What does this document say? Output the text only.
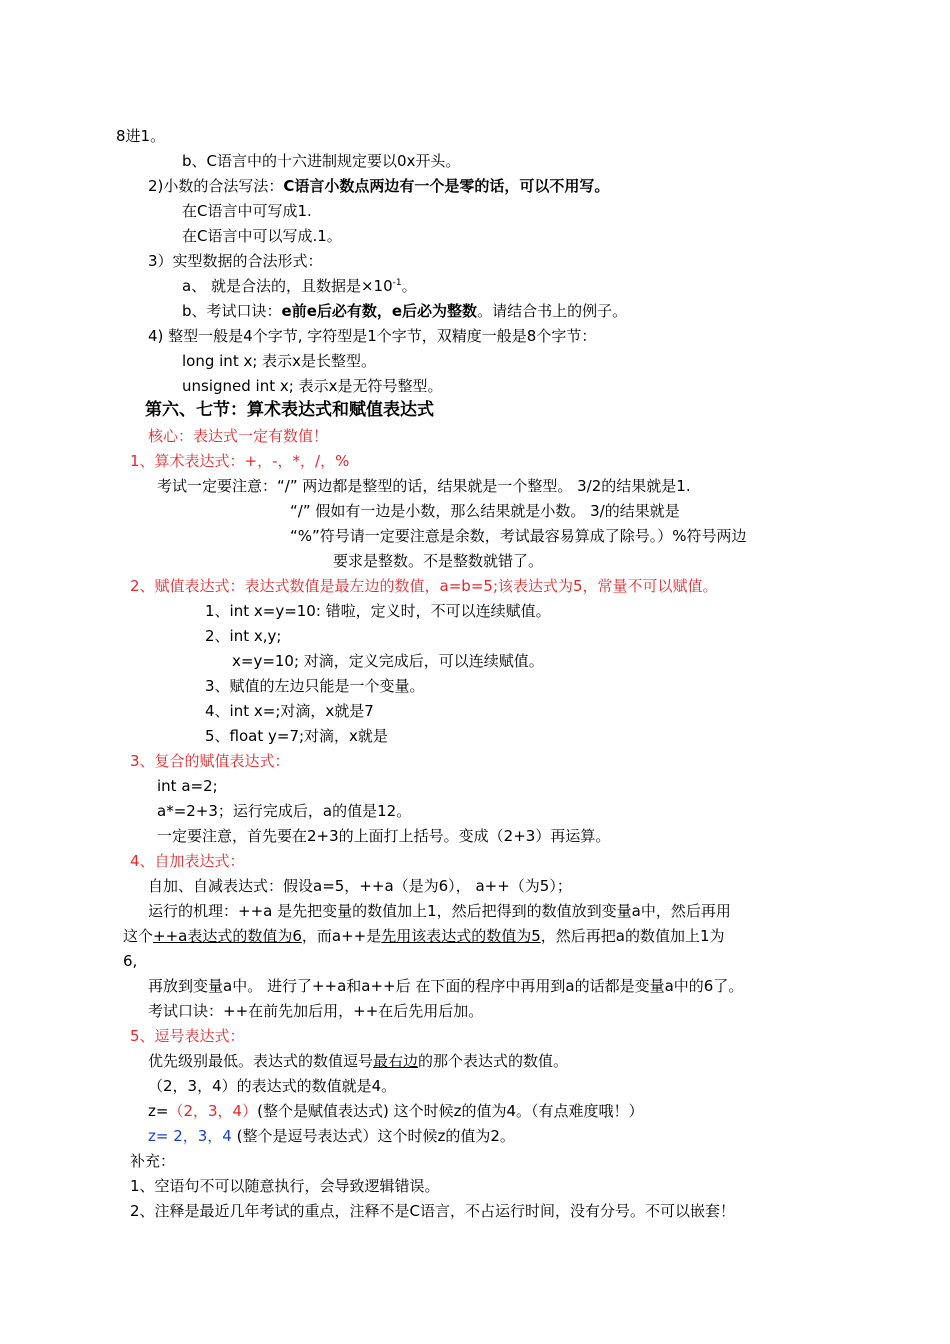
8进1。
b、C语言中的十六进制规定要以0x开头。
2)小数的合法写法：C语言小数点两边有一个是零的话，可以不用写。
在C语言中可写成1.
在C语言中可以写成.1。
3）实型数据的合法形式：
a、 就是合法的，且数据是$\times 10^{-1}$。
b、考试口诀：e前e后必有数，e后必为整数。请结合书上的例子。
4) 整型一般是4个字节, 字符型是1个字节，双精度一般是8个字节：
long int x; 表示x是长整型。
unsigned int x; 表示x是无符号整型。
第六、七节：算术表达式和赋值表达式
核心：表达式一定有数值！
1、算术表达式：+，-，*，/，%
考试一定要注意：“/” 两边都是整型的话，结果就是一个整型。 3/2的结果就是1.
“/” 假如有一边是小数，那么结果就是小数。 3/的结果就是
“%”符号请一定要注意是余数，考试最容易算成了除号。）%符号两边
要求是整数。不是整数就错了。
2、赋值表达式：表达式数值是最左边的数值，a=b=5;该表达式为5，常量不可以赋值。
1、int x=y=10: 错啦，定义时，不可以连续赋值。
2、int x,y;
x=y=10; 对滴，定义完成后，可以连续赋值。
3、赋值的左边只能是一个变量。
4、int x=;对滴，x就是7
5、float y=7;对滴，x就是
3、复合的赋值表达式：
int a=2;
a*=2+3；运行完成后，a的值是12。
一定要注意，首先要在2+3的上面打上括号。变成（2+3）再运算。
4、自加表达式：
自加、自减表达式：假设a=5，++a（是为6）， a++（为5）；
运行的机理：++a 是先把变量的数值加上1，然后把得到的数值放到变量a中，然后再用
这个++a表达式的数值为6，而a++是先用该表达式的数值为5，然后再把a的数值加上1为
6,
再放到变量a中。 进行了++a和a++后 在下面的程序中再用到a的话都是变量a中的6了。
考试口诀：++在前先加后用，++在后先用后加。
5、逗号表达式：
优先级别最低。表达式的数值逗号最右边的那个表达式的数值。
（2，3，4）的表达式的数值就是4。
z=（2，3，4）(整个是赋值表达式) 这个时候z的值为4。（有点难度哦！）
z= 2，3，4 (整个是逗号表达式）这个时候z的值为2。
补充：
1、空语句不可以随意执行，会导致逻辑错误。
2、注释是最近几年考试的重点，注释不是C语言，不占运行时间，没有分号。不可以嵌套！
